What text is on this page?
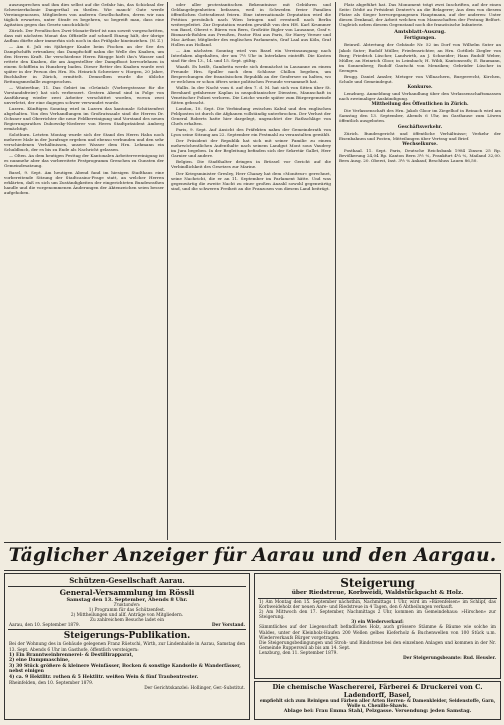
auszusprechen und ihm dies selbst auf die Gefahr hin, das Schicksal der Schweizerkolonie Dangerthal zu theilen. Wie manch' Gute werde Vereinsgenossen, Mitgliedern von anderen Gesellschaften, deren wir nun täglich erwarten, unter Strafe es begehren, so begreift man, dass eine Agitation gegen das Gesetz unschicklich!

Zürich. Der Preußisches Zwei-Monate-Brief ist nun soweit vorgeschritten, dass mit nächsten Monat das Offizielle auf schnell Einzug hält, der übrige Aufbau dürfte aber immerhin sich noch in das Frühjahr hineinziehen. (N. Z.)

— Am 6. Juli ein 8jähriger Knabe beim Fischen an der See des Dampfschiffs ertrunken; das Dampfschiff nahm die Welle des Knaben, um den Herren Kraft. Ihr verschiedene Herrn Rüegge hielt ihn's Wasser und rettete den Knaben, die am Angestellter der Dampfboot hervorlehnen in einem Schifflein in Hunzberg baden. Dieser Retter des Knaben wurde erst später in der Person des Hrn. Hs. Heinrich Schweizer v. Horgen, 20 Jahre, Buchhalter in Zürich, ermittelt. Demselben wurde die übliche Rettungsmedaille zugesprochen.

— Winterthur, 11. Das Gebiet im »Grüntal« (Vorbergstrasse für die Vorstandsfreier) hat sich verbessert. Gestern Abend sind in Folge von Ausführung wieder zwei Arbeiter verschüttet worden, wovon zwei unverletzt, der eine dagegen schwer verwundet wurde.

Luzern. Künftigen Sonntag wird in Luzern das kantonale Schützenfest abgehalten. Von den Verhandlungen im Großratssaale sind die Herren Dr. Ochsner und Oberrichter die neue Feldbereinigung und Vorstand des neuen Regierungsrathes Dubowsky-Niederer von Herrn Stadtpräsident Amberg ermächtigt.

Solothurn. Letzten Montag wurde sich der Stand des Herrn Hahn noch mehrere Male in der Jurafrage ergeben und ebenso verbunden und den sehr verschiedenen Verhältnissen, unsere Wasser dem Hrn. Lehmann ein Schuldbuch, der es bis zu Ende als Nachricht gelassen.

— Olten. An dem heutigen Festtag der Kantonalen Arbeitervereinigung ist es nunmehr aber das vorbereitete Festprogramm Grenchen zu Gunsten der Gemeindesatzung.

Basel, 9. Sept. Am heutigen Abend fand im hiesigen Stadthaus eine vorbereitende Sitzung der Stadtcasino-Frage statt, an welcher Herren erklärten, daß es sich um Zuständigkeiten der eingerichteten Bundesrathen handle und die vorgenommenen Änderungen der Aktenzeichen seien besser aufgehoben.

oder aller protestantischen Bekenntnisse mit Gebühren und Geldangelegenheiten befassen, weil in Schweden freier Familien öffentlichen Gottesdienst feiern. Eine internationale Deputation wird die Petition persönlich nach Wien bringen und eventuell nach Berlin weitergeleitet. Zur Deputation wurden gewählt von den HH. Karl Krummer von Basel, Oberst v. Büren von Bern, Großräte Bigler von Lausanne, Graf v. Bismarck-Bohlen aus Preußen, Pastor Fäsi aus Paris, Sir Harry Verner und Mac Arthur, Mitglieder des englischen Parlaments, Graf Laal aus Köln, Graf Hollen aus Holland.

— Am nächsten Sonntag wird von Basel ein Vereinsausgang nach Interlaken abgehalten, der um 7½ Uhr in Interlaken eintrifft. Die Kosten sind für den 13., 14. und 15. Sept. gültig.

Waadt. Es heißt, Gambetta werde sich demnächst in Lausanne zu einem Freunde Hrn. Spuller nach dem Schlosse Chillon begeben, um Besprechungen der französischen Republik an der Genfersee zu halten, wo er welchem er schon öfters seine politischen Freunde versammelt hat.

Wallis. In der Nacht vom 6. auf den 7. d. M. hat sich von Sitten über St. Bernhard gefahrener Kaplan in neapolitanischer Diensten, Mannschaft in Venetischer Polizei verloren. Die Leiche wurde später zum Bürgergemeinde Sitten gebracht.

London, 10. Sept. Die Verbindung zwischen Kabul und den englischen Feldposten ist durch die Afghanen vollständig unterbrochen. Der Verlust der General Roberts hatte hier dargelegt, ungeachtet der Rathschläge von Chefs erhalten.

Paris, 9. Sept. Auf Ansicht des Präfekten nahm der Gemeinderath von Lyon seine Sitzung am 22. September ein Festmahl zu veranstalten gewählt.

Der Präsident der Republik hat sich mit seiner Familie zu einem mehrwöchentlichen Aufenthalte nach seinem Landgut Mont sous Vaudrey im Jura begeben. In der Begleitung befinden sich der Sekretär Gallet, Herr Garnier und andere.

Belgien. Die Stadthalter dringen in Brüssel vor Gericht auf die Verbindlichkeit des Gesetzes zur Marine.

Der Kriegsminister Gresley, Herr Chanzy hat dem »Moniteur« gerechnet, seine Nachricht, die er an 11. September im Parlament hätte. Und was gegenwärtig die zweite Nacht zu einer großen Anzahl sowohl gegenwärtig sind, und die schweren Freiheit an die Franzosen von diesem Land beiträgt.

Platz abgeführt hat. Das Monument trägt zwei Inschriften, auf der einen Seite: Dédié au Président Dentert's an die Belagerer; Aus dem von diesem Platze als Sieger hervorgegangenen Hauptmann, auf der anderen: Unter diesen Denkmal, der Arbeit welchen von Mannschaften der Festung Belfort. Ungleich neben diesem Gegenstand noch die französische Infanterie.

Amtsblatt-Auszug.

Fertigungen.

Beinwil. Abtretung der Gebäude Nr. 52 im Dorf von Wilhelm Suter an Jakob Suter; Rudolf Müller, Friedensrichter, an Hrn. Gottlieb Ziegler von Burg; Friedrich Lüscher, Landwirth, an J. Schneider; Hans Rudolf Weber, Müller, an Heinrich Gloor, in Leimbach; H. Wildi, Kantonsrath; E. Baumann, im Sonnenberg; Rudolf Gautschi von Menziken; Gebrüder Lüscher in Seengen.

Brugg. Daniel Amsler, Metzger von Villnachern, Burgerrecht, Kirchen, Schule und Gemeindegut.

Konkurse.

Lenzburg. Anmeldung und Verhandlung über den Verlassenschaftsmassen nach zweimaliger Auskündigung.

Mittheilung des Öffentlichen in Zürich.

Die Verlassenschaft des Hrn. Jakob Gloor im Ziegelhof in Reinach wird am Samstag den 13. September, Abends 6 Uhr, im Gasthause zum Löwen öffentlich ausgeboten.

Geschäftsverkehr.

Zürich. Bundesgericht und öffentliche Verhältnisse; Verkehr der Eisenbahnen und Posten, Mitteilungen über Vertrag und Brief.

Wechselkurse.

Posthaal. 11. Sept. Paris, Deutsche Reichsbank 1984 Zinsen 25 Rp. Bevölkerung 24,04 Rp. Kanton Bern 3½ %, Frankfurt 4¼ %, Mailand 32,00. Bern Ausg. 20. Oberst, Inst. 3½ % Ankauf, Beschluss Lauen 86,50.

Täglicher Anzeiger für Aarau und den Aargau.

Schützen-Gesellschaft Aarau.

General-Versammlung im Rössli

Samstag den 13. September, Abends 8 Uhr.

Traktanden:

1) Programm für das Schützenfest.

2) Mittheilungen und allf. Anträge von Mitgliedern.

Zu zahlreichem Besuche ladet ein

Aarau, den 10. September 1879.	Der Vorstand.

Steigerungs-Publikation.

Bei der Wohnung des in Gebäude gelegenen Franz Rüetschi, Wirth, zur Lindenhalde in Aarau, Samstag den 13. Sept. Abends 6 Uhr im Gasthofe, öffentlich versteigern:

1) Ein Branntweinbrennerei- & Destillirapparat,

2) eine Dampmaschine,

3) 30 Stück größere & kleinere Weinfässer, Bocken & sonstige Kandseile & Wanderfässer, nebst einigen

4) ca. 9 Hektlitr. rothen & 5 Hektlitr. weißen Wein & fünf Traubentrester.

Rheinfelden, den 10. September 1879.

Der Gerichtskanzlei: Hollinger, Ger.-Substitut.

Steigerung

über Riedstreue, Korbweidi, Waldstückpacht & Holz.

1) Am Montag den 15. September nächsthin, Nachmittags 1 Uhr, wird im »Bärenfelsen« im Schlipf, das Korbweideholz der neuen Aare- und Riedstreue in 4 Tagen, den 6 Abtheilungen verkauft.

2) Am Mittwoch den 17. September, Nachmittags 2 Uhr, kommen im Gemeindehaus: »Hirschen« zur Steigerung.

3) ein Wiederverkauf:

Sämmtliches auf der Liegenschaft befindliches Holz, auch grössere Stämme & Bäume wie solche im Waldes, unter der Kleinholz-Haufen 200 Wellen gelbes Kieferholz & Buchenwellen von 100 Stück u.m. Wiederverkaufs Bürger vorgetragen.

Die Steigerungsbedingungen und Stroh- und Rindstreue bei den einzelnen Anlagen und kommen in der Nr. Gemeinde Rupperswil ab bis am 14. Sept.

Lenzburg, den 11. September 1879.

Der Steigerungsbeamte: Rud. Heusler.

Die chemische Waschererei, Färberei & Druckerei von C. Ladendorff, Basel,

empfiehlt sich zum Reinigen und Färben aller Arten Herren- & Damenkleider, Seidenstoffe, Garn, Wolle u. Chenille-Shawls.

Ablage bei: Frau Emma Stahl, Pelzgasse. Versendung: jeden Samstag.
